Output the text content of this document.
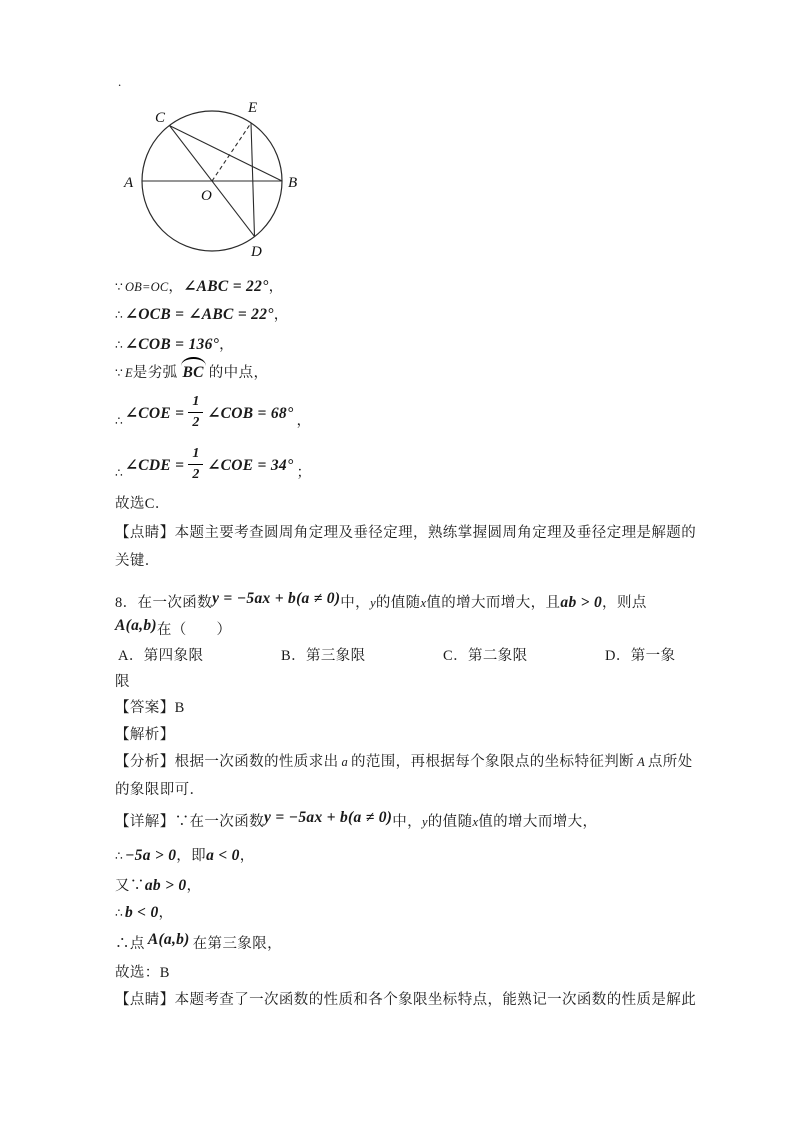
.
C
E
A	B
O
D
∵ OB=OC，∠ABC = 22°，
∴ ∠OCB = ∠ABC = 22°，
∴ ∠COB = 136°，
∵ E是劣弧 BC 的中点，
∴ ∠COE = $\frac{1}{2}$ ∠COB = 68° ，
∴ ∠CDE = $\frac{1}{2}$ ∠COE = 34° ；
故选C．
【点睛】本题主要考查圆周角定理及垂径定理，熟练掌握圆周角定理及垂径定理是解题的
关键．
8．在一次函数y = −5ax + b(a ≠ 0)中，y的值随x值的增大而增大，且ab > 0，则点
A(a,b)在（　　）
A．第四象限	B．第三象限	C．第二象限	D．第一象
限
【答案】B
【解析】
【分析】根据一次函数的性质求出 a 的范围，再根据每个象限点的坐标特征判断 A 点所处
的象限即可．
【详解】∵在一次函数y = −5ax + b(a ≠ 0)中，y的值随x值的增大而增大，
∴ −5a > 0，即a < 0，
又∵ab > 0，
∴ b < 0，
∴点 A(a,b) 在第三象限，
故选：B
【点睛】本题考查了一次函数的性质和各个象限坐标特点，能熟记一次函数的性质是解此
